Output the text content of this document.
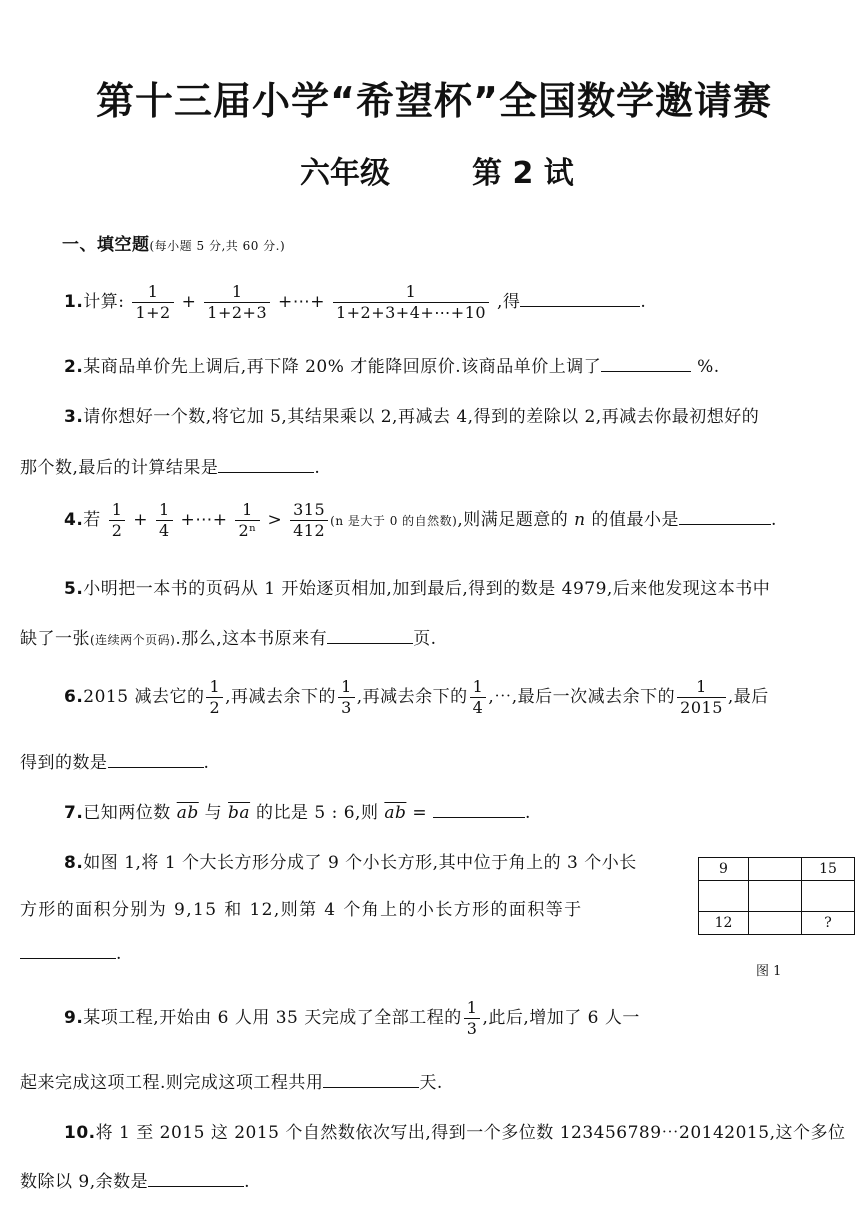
第十三届小学“希望杯”全国数学邀请赛
六年级	第 2 试
一、填空题(每小题 5 分,共 60 分.)
1.计算: $\frac{1}{1+2} + \frac{1}{1+2+3}$ +⋯+ $\frac{1}{1+2+3+4+\cdots+10}$ ,得	.
2.某商品单价先上调后,再下降 20% 才能降回原价.该商品单价上调了	%.
3.请你想好一个数,将它加 5,其结果乘以 2,再减去 4,得到的差除以 2,再减去你最初想好的
那个数,最后的计算结果是	.
4.若 $\frac{1}{2} + \frac{1}{4}$ +⋯+ $\frac{1}{\text{2ⁿ}} > \frac{315}{412} (n$ 是大于 0 的自然数),则满足题意的 n 的值最小是	.
5.小明把一本书的页码从 1 开始逐页相加,加到最后,得到的数是 4979,后来他发现这本书中
缺了一张(连续两个页码).那么,这本书原来有	页.
6.2015 减去它的 $\frac{1}{2}$ ,再减去余下的 $\frac{1}{3}$ ,再减去余下的 $\frac{1}{4}$ ,⋯,最后一次减去余下的 $\frac{1}{2015}$ ,最后
得到的数是	.
7.已知两位数 $\overline{ab}$ 与 $\overline{ba}$ 的比是 5 : 6,则 $\overline{ab}$ =	.
8.如图 1,将 1 个大长方形分成了 9 个小长方形,其中位于角上的 3 个小长
方形的面积分别为 9,15 和 12,则第 4 个角上的小长方形的面积等于
.
9		15

12		?
图 1
9.某项工程,开始由 6 人用 35 天完成了全部工程的 $\frac{1}{3}$ ,此后,增加了 6 人一
起来完成这项工程.则完成这项工程共用	天.
10.将 1 至 2015 这 2015 个自然数依次写出,得到一个多位数 123456789⋯20142015,这个多位
数除以 9,余数是	.
